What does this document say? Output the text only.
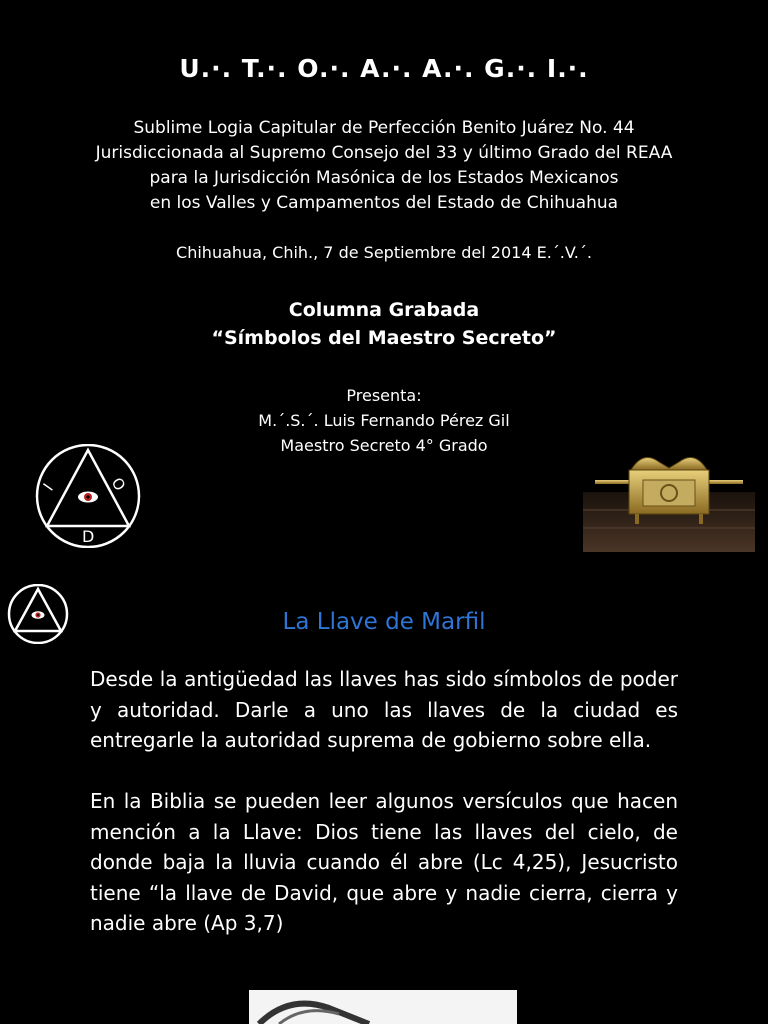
U.·. T.·. O.·. A.·. A.·. G.·. I.·.
Sublime Logia Capitular de Perfección Benito Juárez No. 44
Jurisdiccionada al Supremo Consejo del 33 y último Grado del REAA
para la Jurisdicción Masónica de los Estados Mexicanos
en los Valles y Campamentos del Estado de Chihuahua
Chihuahua, Chih., 7 de Septiembre del 2014 E.´.V.´.
Columna Grabada
“Símbolos del Maestro Secreto”
Presenta:
M.´.S.´. Luis Fernando Pérez Gil
Maestro Secreto 4° Grado
I	O
D
La Llave de Marfil
Desde la antigüedad las llaves has sido símbolos de poder y autoridad. Darle a uno las llaves de la ciudad es entregarle la autoridad suprema de gobierno sobre ella.
En la Biblia se pueden leer algunos versículos que hacen mención a la Llave: Dios tiene las llaves del cielo, de donde baja la lluvia cuando él abre (Lc 4,25), Jesucristo tiene “la llave de David, que abre y nadie cierra, cierra y nadie abre (Ap 3,7)
